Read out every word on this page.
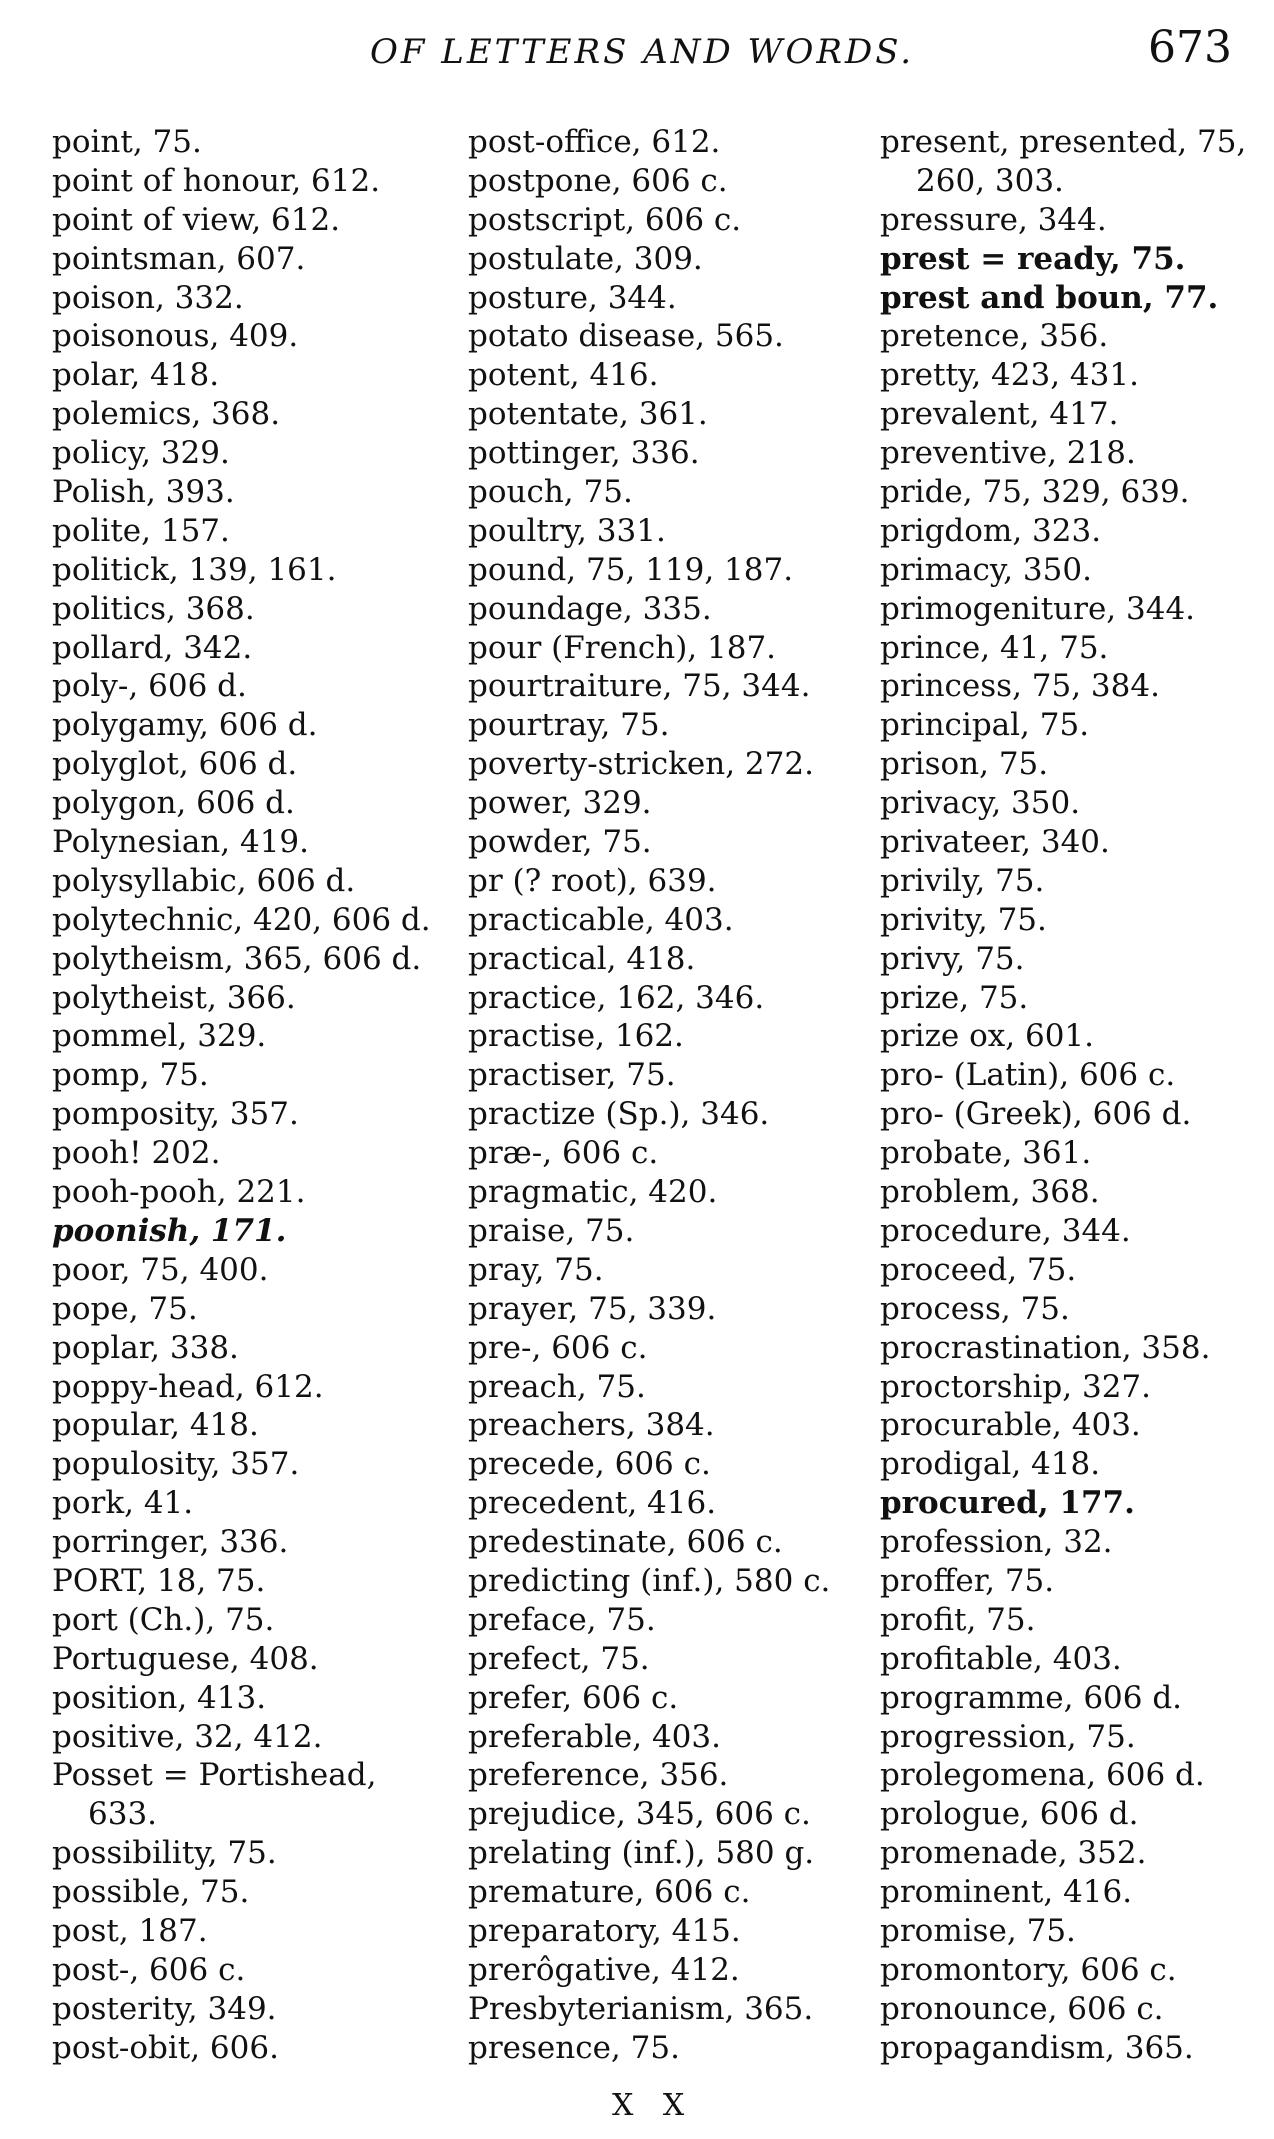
OF LETTERS AND WORDS.	673
point, 75.
point of honour, 612.
point of view, 612.
pointsman, 607.
poison, 332.
poisonous, 409.
polar, 418.
polemics, 368.
policy, 329.
Polish, 393.
polite, 157.
politick, 139, 161.
politics, 368.
pollard, 342.
poly-, 606 d.
polygamy, 606 d.
polyglot, 606 d.
polygon, 606 d.
Polynesian, 419.
polysyllabic, 606 d.
polytechnic, 420, 606 d.
polytheism, 365, 606 d.
polytheist, 366.
pommel, 329.
pomp, 75.
pomposity, 357.
pooh! 202.
pooh-pooh, 221.
poonish, 171.
poor, 75, 400.
pope, 75.
poplar, 338.
poppy-head, 612.
popular, 418.
populosity, 357.
pork, 41.
porringer, 336.
PORT, 18, 75.
port (Ch.), 75.
Portuguese, 408.
position, 413.
positive, 32, 412.
Posset = Portishead,
633.
possibility, 75.
possible, 75.
post, 187.
post-, 606 c.
posterity, 349.
post-obit, 606.
post-office, 612.
postpone, 606 c.
postscript, 606 c.
postulate, 309.
posture, 344.
potato disease, 565.
potent, 416.
potentate, 361.
pottinger, 336.
pouch, 75.
poultry, 331.
pound, 75, 119, 187.
poundage, 335.
pour (French), 187.
pourtraiture, 75, 344.
pourtray, 75.
poverty-stricken, 272.
power, 329.
powder, 75.
pr (? root), 639.
practicable, 403.
practical, 418.
practice, 162, 346.
practise, 162.
practiser, 75.
practize (Sp.), 346.
præ-, 606 c.
pragmatic, 420.
praise, 75.
pray, 75.
prayer, 75, 339.
pre-, 606 c.
preach, 75.
preachers, 384.
precede, 606 c.
precedent, 416.
predestinate, 606 c.
predicting (inf.), 580 c.
preface, 75.
prefect, 75.
prefer, 606 c.
preferable, 403.
preference, 356.
prejudice, 345, 606 c.
prelating (inf.), 580 g.
premature, 606 c.
preparatory, 415.
prerôgative, 412.
Presbyterianism, 365.
presence, 75.
present, presented, 75,
260, 303.
pressure, 344.
prest = ready, 75.
prest and boun, 77.
pretence, 356.
pretty, 423, 431.
prevalent, 417.
preventive, 218.
pride, 75, 329, 639.
prigdom, 323.
primacy, 350.
primogeniture, 344.
prince, 41, 75.
princess, 75, 384.
principal, 75.
prison, 75.
privacy, 350.
privateer, 340.
privily, 75.
privity, 75.
privy, 75.
prize, 75.
prize ox, 601.
pro- (Latin), 606 c.
pro- (Greek), 606 d.
probate, 361.
problem, 368.
procedure, 344.
proceed, 75.
process, 75.
procrastination, 358.
proctorship, 327.
procurable, 403.
prodigal, 418.
procured, 177.
profession, 32.
proffer, 75.
profit, 75.
profitable, 403.
programme, 606 d.
progression, 75.
prolegomena, 606 d.
prologue, 606 d.
promenade, 352.
prominent, 416.
promise, 75.
promontory, 606 c.
pronounce, 606 c.
propagandism, 365.
X X
